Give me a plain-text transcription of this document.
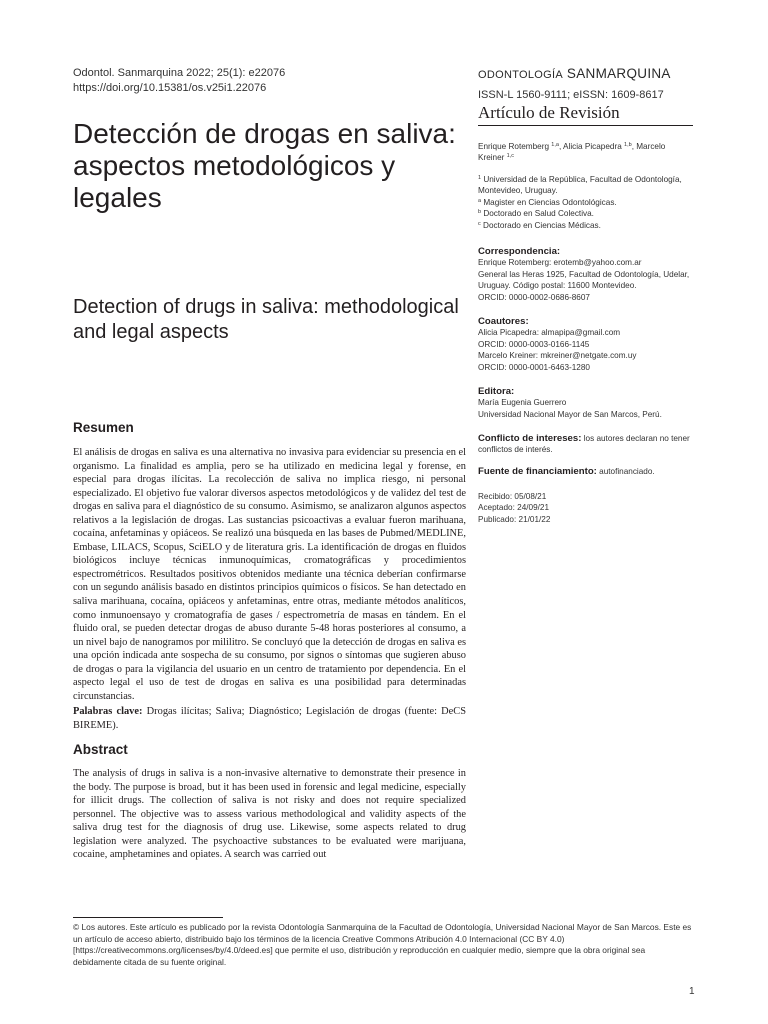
Odontol. Sanmarquina 2022; 25(1): e22076
https://doi.org/10.15381/os.v25i1.22076
Detección de drogas en saliva: aspectos metodológicos y legales
Detection of drugs in saliva: methodological and legal aspects
Resumen

El análisis de drogas en saliva es una alternativa no invasiva para evidenciar su presencia en el organismo. La finalidad es amplia, pero se ha utilizado en medicina legal y forense, en especial para drogas ilícitas. La recolección de saliva no implica riesgo, ni personal especializado. El objetivo fue valorar diversos aspectos metodológicos y de validez del test de drogas en saliva para el diagnóstico de su consumo. Asimismo, se analizaron algunos aspectos relativos a la legislación de drogas. Las sustancias psicoactivas a evaluar fueron marihuana, cocaína, anfetaminas y opiáceos. Se realizó una búsqueda en las bases de Pubmed/MEDLINE, Embase, LILACS, Scopus, SciELO y de literatura gris. La identificación de drogas en fluidos biológicos incluye técnicas inmunoquímicas, cromatográficas y procedimientos espectrométricos. Resultados positivos obtenidos mediante una técnica deberían confirmarse con un segundo análisis basado en distintos principios químicos o físicos. Se han detectado en saliva marihuana, cocaína, opiáceos y anfetaminas, entre otras, mediante métodos analíticos, como inmunoensayo y cromatografía de gases / espectrometría de masas en tándem. En el fluido oral, se pueden detectar drogas de abuso durante 5-48 horas posteriores al consumo, a un nivel bajo de nanogramos por mililitro. Se concluyó que la detección de drogas en saliva es una opción indicada ante sospecha de su consumo, por signos o síntomas que sugieren abuso de drogas o para la vigilancia del usuario en un centro de tratamiento por dependencia. En el aspecto legal el uso de test de drogas en saliva es una posibilidad para determinadas circunstancias.

Palabras clave: Drogas ilícitas; Saliva; Diagnóstico; Legislación de drogas (fuente: DeCS BIREME).

Abstract

The analysis of drugs in saliva is a non-invasive alternative to demonstrate their presence in the body. The purpose is broad, but it has been used in forensic and legal medicine, especially for illicit drugs. The collection of saliva is not risky and does not require specialized personnel. The objective was to assess various methodological and validity aspects of the saliva drug test for the diagnosis of drug use. Likewise, some aspects related to drug legislation were analyzed. The psychoactive substances to be evaluated were marijuana, cocaine, amphetamines and opiates. A search was carried out

ODONTOLOGÍA SANMARQUINA
ISSN-L 1560-9111; eISSN: 1609-8617
Artículo de Revisión
Enrique Rotemberg $^{1,a}$, Alicia Picapedra $^{1,b}$, Marcelo
Kreiner $^{1,c}$
$^1$ Universidad de la República, Facultad de Odontología, Montevideo, Uruguay.
$^a$ Magister en Ciencias Odontológicas.
$^b$ Doctorado en Salud Colectiva.
$^c$ Doctorado en Ciencias Médicas.
Correspondencia:
Enrique Rotemberg: erotemb@yahoo.com.ar
General las Heras 1925, Facultad de Odontología, Udelar, Uruguay. Código postal: 11600 Montevideo.
ORCID: 0000-0002-0686-8607
Coautores:
Alicia Picapedra: almapipa@gmail.com
ORCID: 0000-0003-0166-1145
Marcelo Kreiner: mkreiner@netgate.com.uy
ORCID: 0000-0001-6463-1280
Editora:
María Eugenia Guerrero
Universidad Nacional Mayor de San Marcos, Perú.
Conflicto de intereses: los autores declaran no tener conflictos de interés.
Fuente de financiamiento: autofinanciado.
Recibido: 05/08/21
Aceptado: 24/09/21
Publicado: 21/01/22
© Los autores. Este artículo es publicado por la revista Odontología Sanmarquina de la Facultad de Odontología, Universidad Nacional Mayor de San Marcos. Este es un artículo de acceso abierto, distribuido bajo los términos de la licencia Creative Commons Atribución 4.0 Internacional (CC BY 4.0) [https://creativecommons.org/licenses/by/4.0/deed.es] que permite el uso, distribución y reproducción en cualquier medio, siempre que la obra original sea debidamente citada de su fuente original.
1
